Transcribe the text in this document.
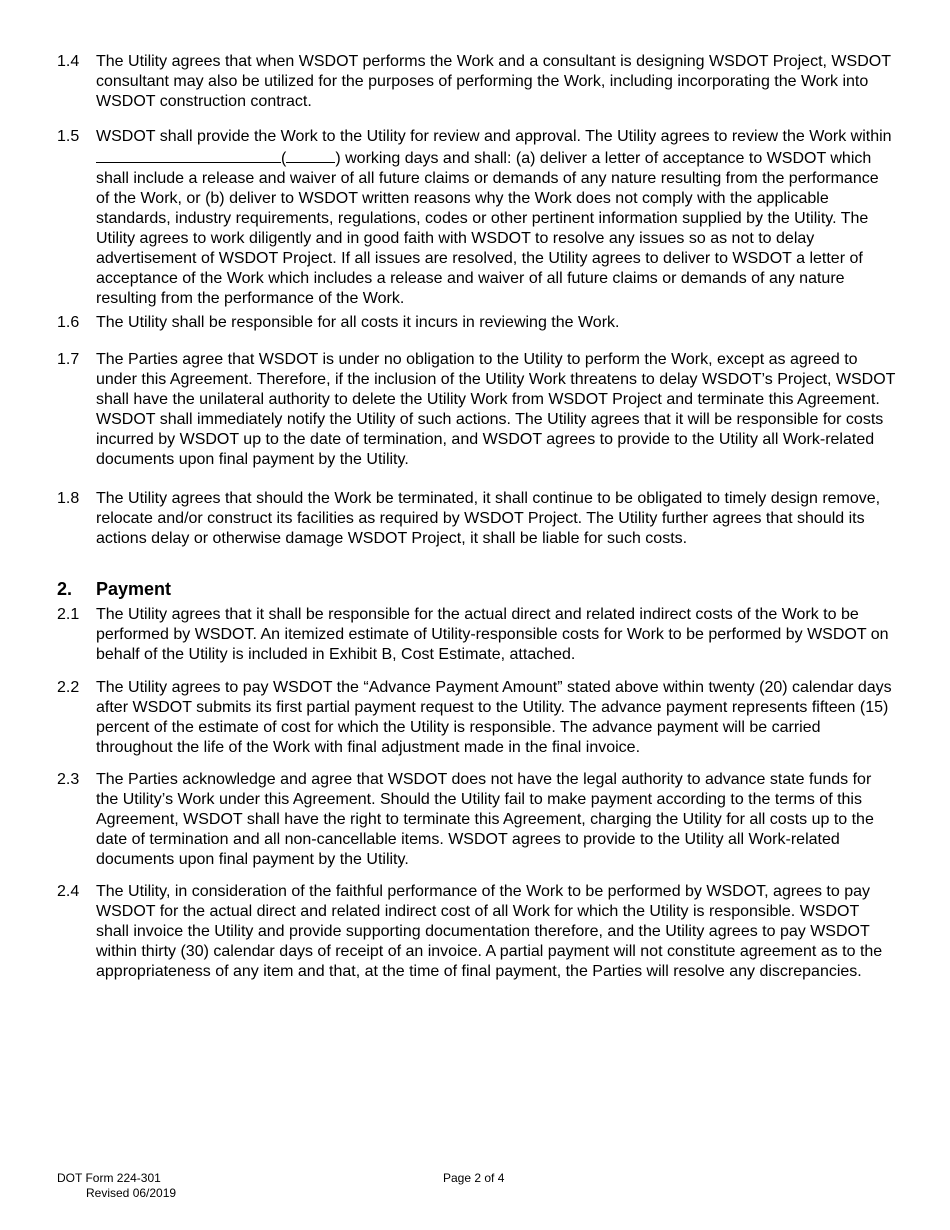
1.4	The Utility agrees that when WSDOT performs the Work and a consultant is designing WSDOT Project, WSDOT consultant may also be utilized for the purposes of performing the Work, including incorporating the Work into WSDOT construction contract.
1.5	WSDOT shall provide the Work to the Utility for review and approval. The Utility agrees to review the Work within (	) working days and shall: (a) deliver a letter of acceptance to WSDOT which shall include a release and waiver of all future claims or demands of any nature resulting from the performance of the Work, or (b) deliver to WSDOT written reasons why the Work does not comply with the applicable standards, industry requirements, regulations, codes or other pertinent information supplied by the Utility. The Utility agrees to work diligently and in good faith with WSDOT to resolve any issues so as not to delay advertisement of WSDOT Project. If all issues are resolved, the Utility agrees to deliver to WSDOT a letter of acceptance of the Work which includes a release and waiver of all future claims or demands of any nature resulting from the performance of the Work.
1.6	The Utility shall be responsible for all costs it incurs in reviewing the Work.
1.7	The Parties agree that WSDOT is under no obligation to the Utility to perform the Work, except as agreed to under this Agreement. Therefore, if the inclusion of the Utility Work threatens to delay WSDOT’s Project, WSDOT shall have the unilateral authority to delete the Utility Work from WSDOT Project and terminate this Agreement. WSDOT shall immediately notify the Utility of such actions. The Utility agrees that it will be responsible for costs incurred by WSDOT up to the date of termination, and WSDOT agrees to provide to the Utility all Work-related documents upon final payment by the Utility.
1.8	The Utility agrees that should the Work be terminated, it shall continue to be obligated to timely design remove, relocate and/or construct its facilities as required by WSDOT Project. The Utility further agrees that should its actions delay or otherwise damage WSDOT Project, it shall be liable for such costs.
2. Payment
2.1	The Utility agrees that it shall be responsible for the actual direct and related indirect costs of the Work to be performed by WSDOT. An itemized estimate of Utility-responsible costs for Work to be performed by WSDOT on behalf of the Utility is included in Exhibit B, Cost Estimate, attached.
2.2	The Utility agrees to pay WSDOT the “Advance Payment Amount” stated above within twenty (20) calendar days after WSDOT submits its first partial payment request to the Utility. The advance payment represents fifteen (15) percent of the estimate of cost for which the Utility is responsible. The advance payment will be carried throughout the life of the Work with final adjustment made in the final invoice.
2.3	The Parties acknowledge and agree that WSDOT does not have the legal authority to advance state funds for the Utility’s Work under this Agreement. Should the Utility fail to make payment according to the terms of this Agreement, WSDOT shall have the right to terminate this Agreement, charging the Utility for all costs up to the date of termination and all non-cancellable items. WSDOT agrees to provide to the Utility all Work-related documents upon final payment by the Utility.
2.4	The Utility, in consideration of the faithful performance of the Work to be performed by WSDOT, agrees to pay WSDOT for the actual direct and related indirect cost of all Work for which the Utility is responsible. WSDOT shall invoice the Utility and provide supporting documentation therefore, and the Utility agrees to pay WSDOT within thirty (30) calendar days of receipt of an invoice. A partial payment will not constitute agreement as to the appropriateness of any item and that, at the time of final payment, the Parties will resolve any discrepancies.
DOT Form 224-301
Revised 06/2019
Page 2 of 4
